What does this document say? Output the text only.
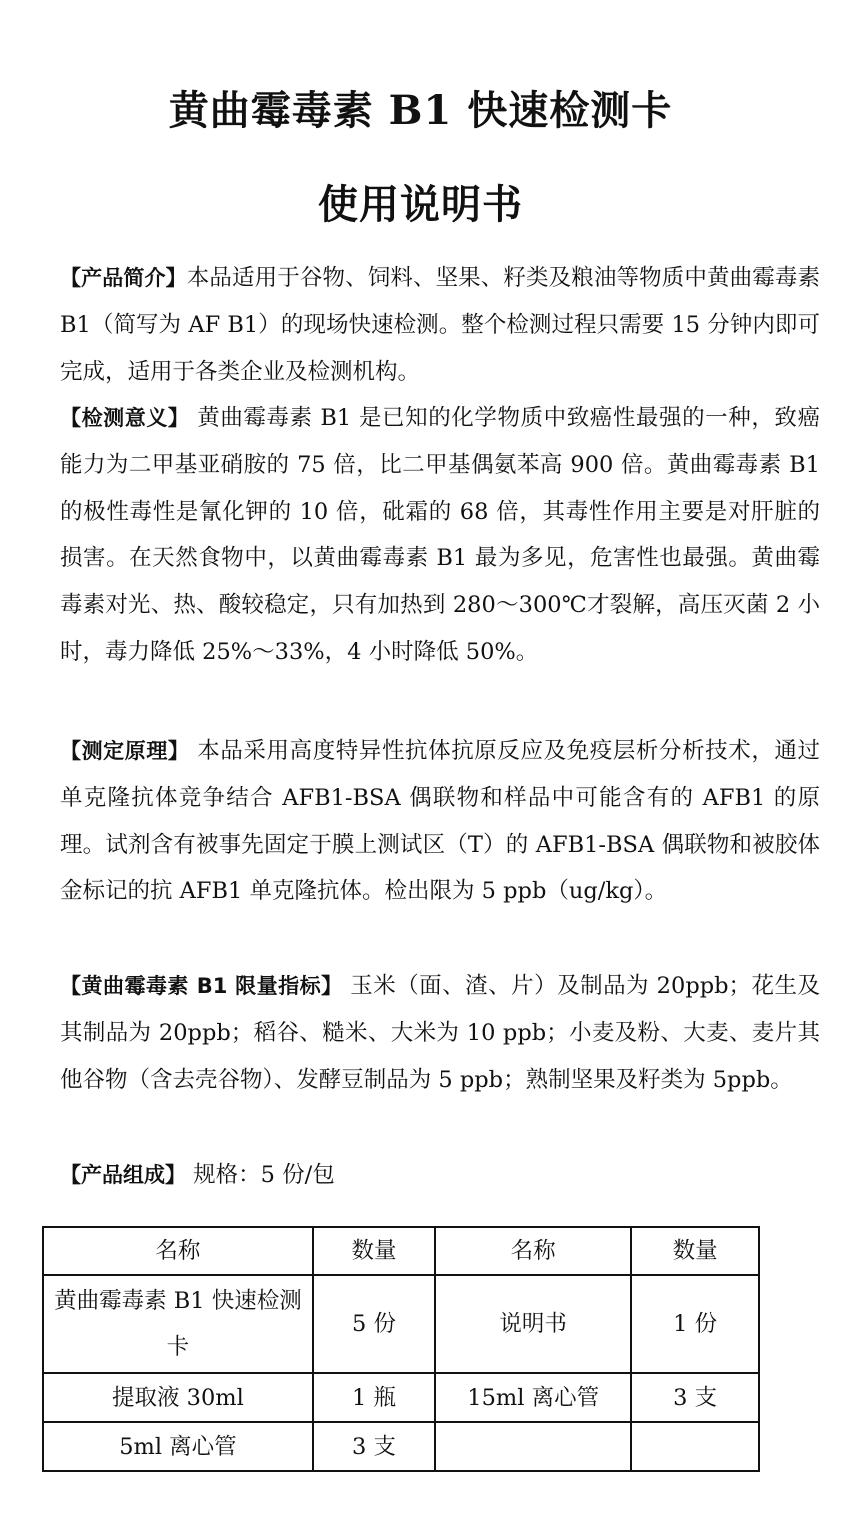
黄曲霉毒素 B1 快速检测卡
使用说明书
【产品简介】本品适用于谷物、饲料、坚果、籽类及粮油等物质中黄曲霉毒素 B1（简写为 AF B1）的现场快速检测。整个检测过程只需要 15 分钟内即可完成，适用于各类企业及检测机构。
【检测意义】 黄曲霉毒素 B1 是已知的化学物质中致癌性最强的一种，致癌能力为二甲基亚硝胺的 75 倍，比二甲基偶氨苯高 900 倍。黄曲霉毒素 B1 的极性毒性是氰化钾的 10 倍，砒霜的 68 倍，其毒性作用主要是对肝脏的损害。在天然食物中，以黄曲霉毒素 B1 最为多见，危害性也最强。黄曲霉毒素对光、热、酸较稳定，只有加热到 280～300℃才裂解，高压灭菌 2 小时，毒力降低 25%～33%，4 小时降低 50%。
【测定原理】 本品采用高度特异性抗体抗原反应及免疫层析分析技术，通过单克隆抗体竞争结合 AFB1-BSA 偶联物和样品中可能含有的 AFB1 的原理。试剂含有被事先固定于膜上测试区（T）的 AFB1-BSA 偶联物和被胶体金标记的抗 AFB1 单克隆抗体。检出限为 5 ppb（ug/kg）。
【黄曲霉毒素 B1 限量指标】 玉米（面、渣、片）及制品为 20ppb；花生及其制品为 20ppb；稻谷、糙米、大米为 10 ppb；小麦及粉、大麦、麦片其他谷物（含去壳谷物）、发酵豆制品为 5 ppb；熟制坚果及籽类为 5ppb。
【产品组成】 规格：5 份/包
名称	数量	名称	数量
黄曲霉毒素 B1 快速检测卡	5 份	说明书	1 份
提取液 30ml	1 瓶	15ml 离心管	3 支
5ml 离心管	3 支		
